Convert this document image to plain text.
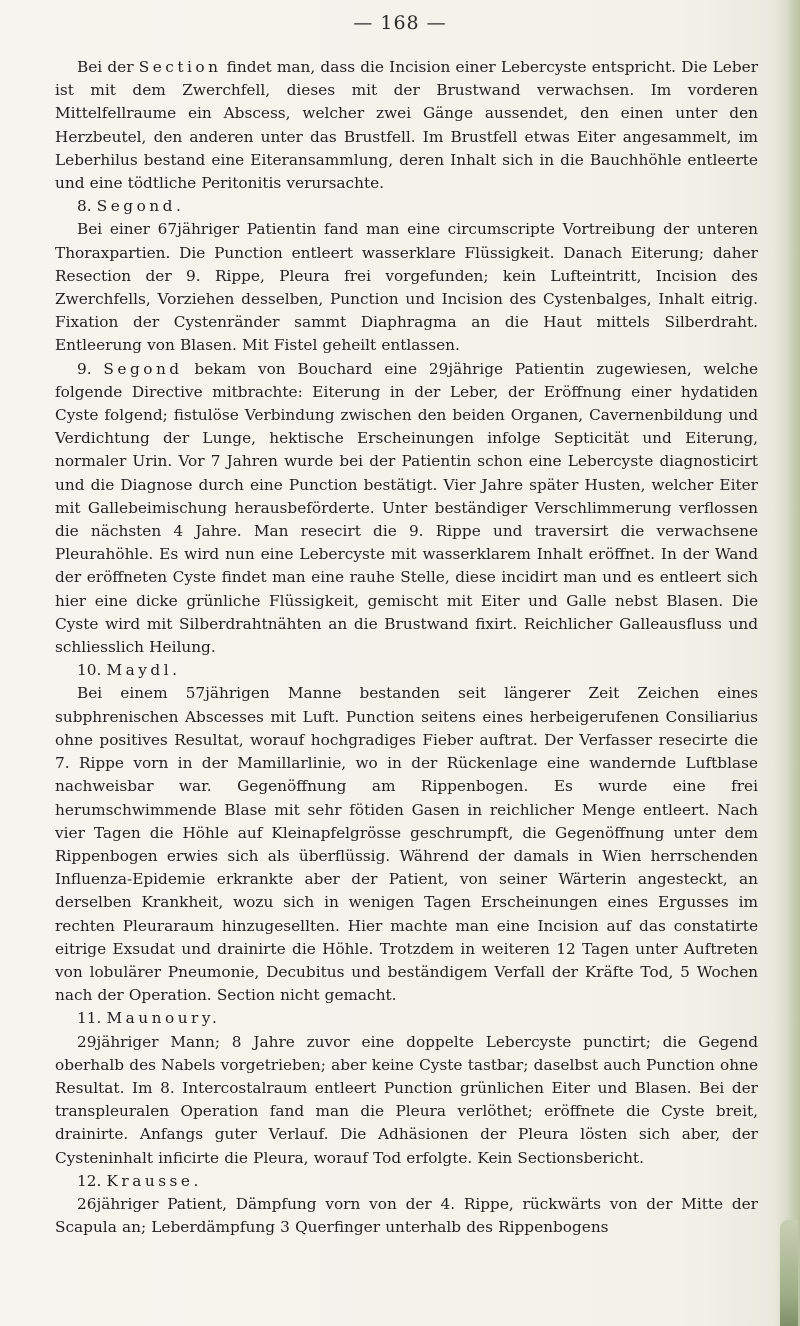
— 168 —

Bei der Section findet man, dass die Incision einer Lebercyste entspricht. Die Leber ist mit dem Zwerchfell, dieses mit der Brustwand verwachsen. Im vorderen Mittelfellraume ein Abscess, welcher zwei Gänge aussendet, den einen unter den Herzbeutel, den anderen unter das Brustfell. Im Brustfell etwas Eiter angesammelt, im Leberhilus bestand eine Eiteransammlung, deren Inhalt sich in die Bauchhöhle entleerte und eine tödtliche Peritonitis verursachte.

8. Segond.

Bei einer 67jähriger Patientin fand man eine circumscripte Vortreibung der unteren Thoraxpartien. Die Punction entleert wasserklare Flüssigkeit. Danach Eiterung; daher Resection der 9. Rippe, Pleura frei vorgefunden; kein Lufteintritt, Incision des Zwerchfells, Vorziehen desselben, Punction und Incision des Cystenbalges, Inhalt eitrig. Fixation der Cystenränder sammt Diaphragma an die Haut mittels Silberdraht. Entleerung von Blasen. Mit Fistel geheilt entlassen.

9. Segond bekam von Bouchard eine 29jährige Patientin zugewiesen, welche folgende Directive mitbrachte: Eiterung in der Leber, der Eröffnung einer hydatiden Cyste folgend; fistulöse Verbindung zwischen den beiden Organen, Cavernenbildung und Verdichtung der Lunge, hektische Erscheinungen infolge Septicität und Eiterung, normaler Urin. Vor 7 Jahren wurde bei der Patientin schon eine Lebercyste diagnosticirt und die Diagnose durch eine Punction bestätigt. Vier Jahre später Husten, welcher Eiter mit Gallebeimischung herausbeförderte. Unter beständiger Verschlimmerung verflossen die nächsten 4 Jahre. Man resecirt die 9. Rippe und traversirt die verwachsene Pleurahöhle. Es wird nun eine Lebercyste mit wasserklarem Inhalt eröffnet. In der Wand der eröffneten Cyste findet man eine rauhe Stelle, diese incidirt man und es entleert sich hier eine dicke grünliche Flüssigkeit, gemischt mit Eiter und Galle nebst Blasen. Die Cyste wird mit Silberdrahtnähten an die Brustwand fixirt. Reichlicher Galleausfluss und schliesslich Heilung.

10. Maydl.

Bei einem 57jährigen Manne bestanden seit längerer Zeit Zeichen eines subphrenischen Abscesses mit Luft. Punction seitens eines herbeigerufenen Consiliarius ohne positives Resultat, worauf hochgradiges Fieber auftrat. Der Verfasser resecirte die 7. Rippe vorn in der Mamillarlinie, wo in der Rückenlage eine wandernde Luftblase nachweisbar war. Gegenöffnung am Rippenbogen. Es wurde eine frei herumschwimmende Blase mit sehr fötiden Gasen in reichlicher Menge entleert. Nach vier Tagen die Höhle auf Kleinapfelgrösse geschrumpft, die Gegenöffnung unter dem Rippenbogen erwies sich als überflüssig. Während der damals in Wien herrschenden Influenza-Epidemie erkrankte aber der Patient, von seiner Wärterin angesteckt, an derselben Krankheit, wozu sich in wenigen Tagen Erscheinungen eines Ergusses im rechten Pleuraraum hinzugesellten. Hier machte man eine Incision auf das constatirte eitrige Exsudat und drainirte die Höhle. Trotzdem in weiteren 12 Tagen unter Auftreten von lobulärer Pneumonie, Decubitus und beständigem Verfall der Kräfte Tod, 5 Wochen nach der Operation. Section nicht gemacht.

11. Maunoury.

29jähriger Mann; 8 Jahre zuvor eine doppelte Lebercyste punctirt; die Gegend oberhalb des Nabels vorgetrieben; aber keine Cyste tastbar; daselbst auch Punction ohne Resultat. Im 8. Intercostalraum entleert Punction grünlichen Eiter und Blasen. Bei der transpleuralen Operation fand man die Pleura verlöthet; eröffnete die Cyste breit, drainirte. Anfangs guter Verlauf. Die Adhäsionen der Pleura lösten sich aber, der Cysteninhalt inficirte die Pleura, worauf Tod erfolgte. Kein Sectionsbericht.

12. Krausse.

26jähriger Patient, Dämpfung vorn von der 4. Rippe, rückwärts von der Mitte der Scapula an; Leberdämpfung 3 Querfinger unterhalb des Rippenbogens
